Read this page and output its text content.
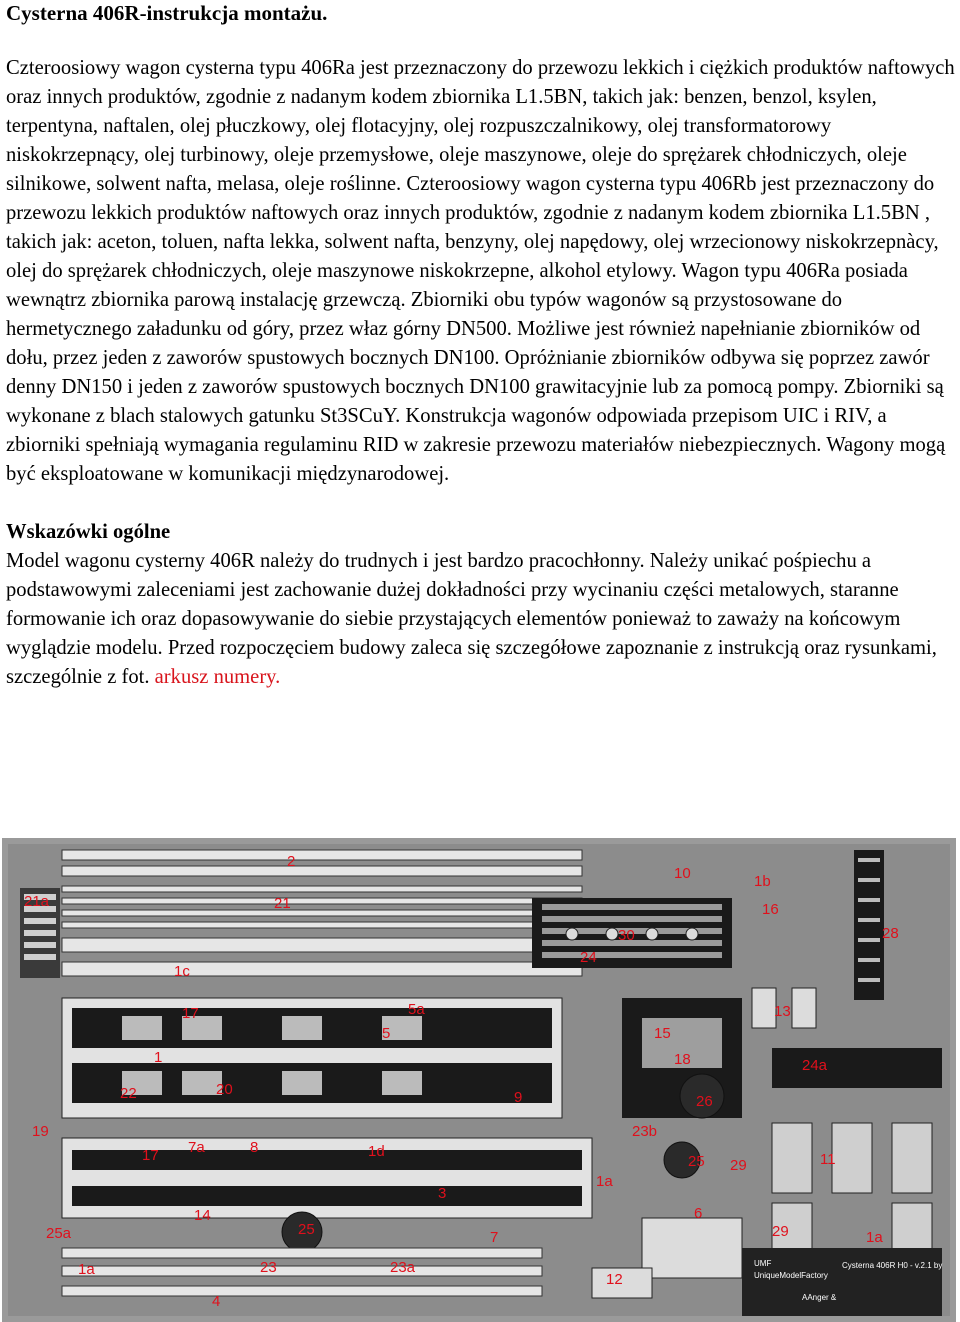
Cysterna 406R-instrukcja montażu.

Czteroosiowy wagon cysterna typu 406Ra jest przeznaczony do przewozu lekkich i ciężkich produktów naftowych oraz innych produktów, zgodnie z nadanym kodem zbiornika L1.5BN, takich jak: benzen, benzol, ksylen, terpentyna, naftalen, olej płuczkowy, olej flotacyjny, olej rozpuszczalnikowy, olej transformatorowy niskokrzepnący, olej turbinowy, oleje przemysłowe, oleje maszynowe, oleje do sprężarek chłodniczych, oleje silnikowe, solwent nafta, melasa, oleje roślinne. Czteroosiowy wagon cysterna typu 406Rb jest przeznaczony do przewozu lekkich produktów naftowych oraz innych produktów, zgodnie z nadanym kodem zbiornika L1.5BN , takich jak: aceton, toluen, nafta lekka, solwent nafta, benzyny, olej napędowy, olej wrzecionowy niskokrzepnàcy, olej do sprężarek chłodniczych, oleje maszynowe niskokrzepne, alkohol etylowy. Wagon typu 406Ra posiada wewnątrz zbiornika parową instalację grzewczą. Zbiorniki obu typów wagonów są przystosowane do hermetycznego załadunku od góry, przez właz górny DN500. Możliwe jest również napełnianie zbiorników od dołu, przez jeden z zaworów spustowych bocznych DN100. Opróżnianie zbiorników odbywa się poprzez zawór denny DN150 i jeden z zaworów spustowych bocznych DN100 grawitacyjnie lub za pomocą pompy. Zbiorniki są wykonane z blach stalowych gatunku St3SCuY. Konstrukcja wagonów odpowiada przepisom UIC i RIV, a zbiorniki spełniają wymagania regulaminu RID w zakresie przewozu materiałów niebezpiecznych. Wagony mogą być eksploatowane w komunikacji międzynarodowej.

Wskazówki ogólne

Model wagonu cysterny 406R należy do trudnych i jest bardzo pracochłonny. Należy unikać pośpiechu a podstawowymi zaleceniami jest zachowanie dużej dokładności przy wycinaniu części metalowych, staranne formowanie ich oraz dopasowywanie do siebie przystających elementów ponieważ to zaważy na końcowym wyglądzie modelu. Przed rozpoczęciem budowy zaleca się szczegółowe zapoznanie z instrukcją oraz rysunkami, szczególnie z fot. arkusz numery.

UMF
UniqueModelFactory
Cysterna 406R H0 - v.2.1 by
AAnger &
2
10	1b
16
28
21a	21
30
24
1c
5a
5
17
1
13
15
18	24a
22	20
19
9	26
17 7a	8	1d
23b
25 29	11
1a
3
14	6
25	7
25a
1a	23	23a
12
4
29	1a
